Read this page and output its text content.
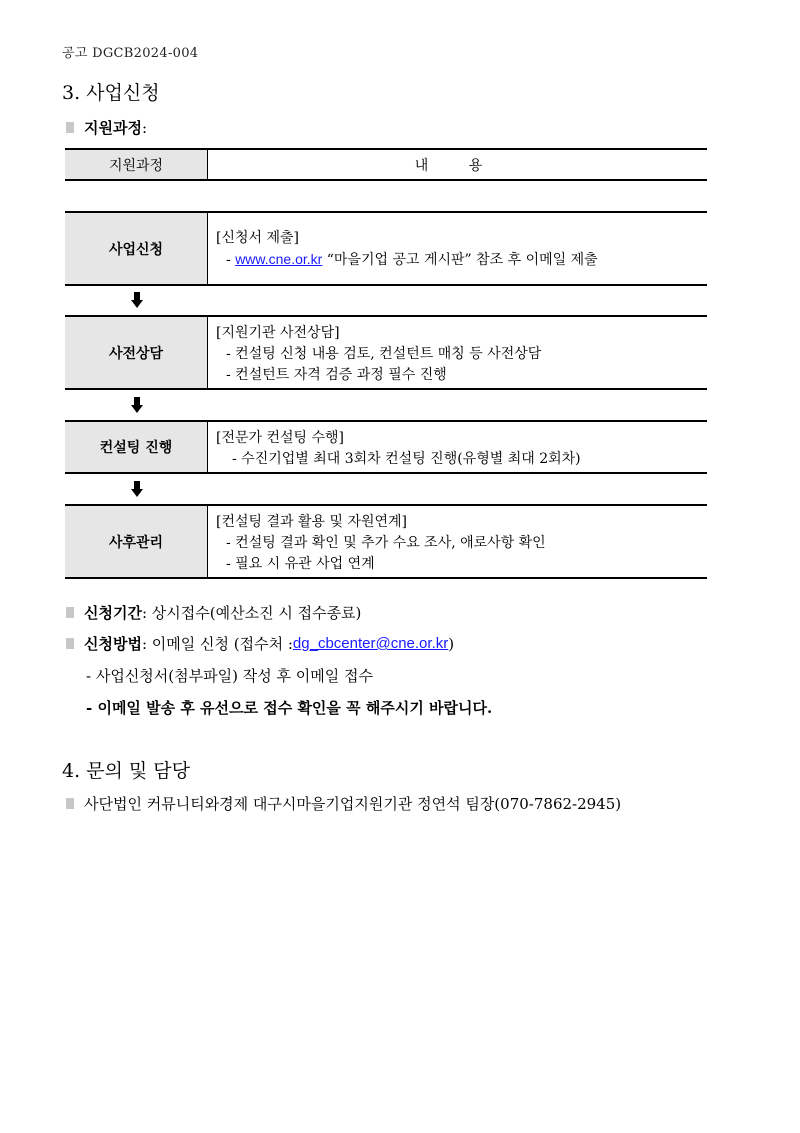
공고 DGCB2024-004
3. 사업신청
지원과정 :
지원과정	내 용
사업신청
[신청서 제출]
- www.cne.or.kr “마을기업 공고 게시판” 참조 후 이메일 제출
사전상담
[지원기관 사전상담]
- 컨설팅 신청 내용 검토, 컨설턴트 매칭 등 사전상담
- 컨설턴트 자격 검증 과정 필수 진행
컨설팅 진행
[전문가 컨설팅 수행]
- 수진기업별 최대 3회차 컨설팅 진행(유형별 최대 2회차)
사후관리
[컨설팅 결과 활용 및 자원연계]
- 컨설팅 결과 확인 및 추가 수요 조사, 애로사항 확인
- 필요 시 유관 사업 연계
신청기간 : 상시접수(예산소진 시 접수종료)
신청방법 : 이메일 신청 (접수처 : dg_cbcenter@cne.or.kr )
- 사업신청서(첨부파일) 작성 후 이메일 접수
- 이메일 발송 후 유선으로 접수 확인을 꼭 해주시기 바랍니다.
4. 문의 및 담당
사단법인 커뮤니티와경제 대구시마을기업지원기관 정연석 팀장(070-7862-2945)
